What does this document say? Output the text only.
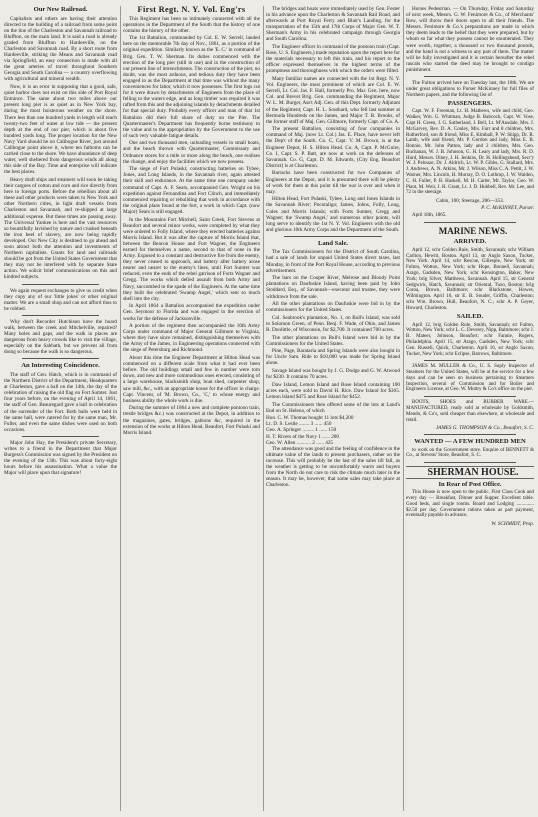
Our New Railroad.

Capitalists and others are having their attention directed to the building of a railroad from some point on the line of the Charleston and Savannah railroad to Bluffton, on the main land. It is said a road is already graded from Bluffton to Hardeeville, on the Charleston and Savannah road. By a short route from Hardeeville, striking the Means and Savannah road via Springfield, an easy connection is made with all the great arteries of travel throughout Southern Georgia and South Carolina — a country overflowing with agricultural and mineral wealth.

Now, it is an error in supposing that a good, safe, quiet harbor does not exist on this side of Port Royal Entrance. The same about two miles above our present long pier is as quiet as in New York bay, during the most boisterous weather on the shore. There less than one hundred yards in length will reach twenty-two feet of water at low tide — the present depth at the end of our pier, which is about five hundred yards long. The proper location for the New Navy Yard should be on Calibogue River, just around Calibogue point above it, where ten fathoms can be carried close to the shore. We have abundance of deep water, well sheltered from dangerous winds all along this side of the Bay. Time and enterprise will indicate the best places.

Heavy draft ships and steamers will soon be taking their cargoes of cotton and corn and rice directly from here to foreign ports. Before the rebellion about all these and other products were taken to New York and other Northern cities, in light draft vessels from Charleston and Savannah, and re-shipped at large additional expense. But these times are passing away. The Universal Yankee is here and the vast resources so bountifully lavished by nature and crushed beneath the iron heel of slavery, are now being rapidly developed. Our New City is destined to go ahead and soon attract both the attention and investments of Northern capitalists. Grants for land and railroads should be got from the United States Government that they may not be interfered with by separate State action. We solicit brief communications on this and kindred subjects.

We again request exchanges to give us credit when they copy any of our 'little jokes' or other original matter. We are a small shop and can not afford thus to be robbed.

Why don't Recorder Hutchison have the board walk, between the creek and Mitchelville, repaired? Many holes and gaps, and the walk in places are dangerous from heavy crowds like to visit the village, especially on the Sabbath, but we prevent all from doing so because the walk is so dangerous.

An Interesting Coincidence.

The staff of Gen. Hatch, which is in command of the Northern District of the Department, Headquarters at Charleston, gave a ball on the 14th, the day of the celebration of raising the old flag on Fort Sumter. Just four years before, on the evening of April 14, 1861, the staff of Gen. Beauregard gave a ball in celebration of the surrender of the Fort. Both balls were held in the same hall, were catered for by the same man, Mr. Fuller, and even the same dishes were used on both occasions.

Major John Hay, the President's private Secretary, writes to a friend in the Department that Major Burgess's Commission was signed by the President on the evening of the 13th. This was about forty-eight hours before his assassination. What a value the Major will place upon that signature!

First Regt. N. Y. Vol. Eng'rs

This Regiment has been so intimately connected with all the operations in the Department of the South that the history of one contains the history of the other.

The 1st Battalion, commanded by Col. E. W. Serrell, landed here on the memorable 7th day of Nov., 1861, as a portion of the original expedition. Similarly known as the 'E. C.' in command of Brig. Gen. T. W. Sherman. Its duties commenced with the erection of the long pier (still in use) and in the construction of our present line of intrenchments. The construction of the pier, no doubt, was the most arduous, and tedious duty they have been engaged in as the Department at that time was without the many conveniences for labor, which it now possesses. The first logs cut for it were drawn by detachments of Engineers from the place of felling to the waters edge, and as long timber was required it was rafted from this and the adjoining islands by detachments detailed for that special duty. Probably every officer and man of that 1st Battalion did their full share of duty on the Pier. The Quartermaster's Department has frequently borne testimony to the value and to the appropriation by the Government to the use of such very valuable fatigue details.

One and two thousand men, unloading vessels in small boats, and the beach thrown with Quartermaster, Commissary and Ordnance stores for a mile or more along the beach, one realises the change, and enjoy the facilities which we now possess.

The siege of Fort Pulaski; constructing batteries on Tybee, Jones, and Long Islands, in the Savannah river, again attested their skill and endurance. At the same time one company under command of Capt. A. F. Sears, accompanied Gen. Wright on his expedition against Fernandina and Fort Clinch, and immediately commenced repairing or rebuilding that work in accordance with the original plans found at the fort, a work in which Capt. (now Major) Sears is still engaged.

In the Mountains Fort Mitchell, Saint Creek, Fort Stevens at Beaufort and several minor works, were completed by what they were ordered to Folly Island, where they erected batteries against Morris Island. But it was after the capture of Morris Island that, between the Beacon House and Fort Wagner, the Engineers earned for themselves a name, second to that of none in the Army. Exposed to a constant and destructive fire from the enemy, they never ceased to approach, and battery after battery arose nearer and nearer to the enemy's lines, until Fort Sumter was reduced, even the ends of the rebel garrison of Forts Wagner and Gregg. The works which defied assault from both Army and Navy, succumbed to the spade of the Engineers. At the same time they built the celebrated 'Swamp Angel,' which sent so much shell into the city.

In April 1864 a Battalion accompanied the expedition under Gen. Seymour to Florida and was engaged in the erection of works for the defense of Jacksonville.

A portion of the regiment then accompanied the 10th Army Corps under command of Major General Gillmore to Virginia, where they have since remained, distinguishing themselves with the Army of the James, in Engineering operations connected with the siege of Petersburg and Richmond.

About this time the Engineer Department at Hilton Head was commenced on a different scale from what it had ever been before. The old buildings small and few in number were torn down, and new and more commodious ones erected, consisting of a large warehouse, blacksmith shop, boat shed, carpenter shop, saw mill, &c., with an appropriate house for the officer in charge. Capt. Vincent, of 'M. Brown, Co., 'C,' to whose energy and business ability the whole work is due.

During the summer of 1864 a new and complete pontoon train, trestle bridges &c.) was constructed at the Depot, in addition to the magazines, gates, bridges, gabions &c, required in the extension of the works at Hilton Head, Beaufort, Fort Pulaski and Morris Island.

The bridges and boats were immediately used by Gen. Foster in his advance upon the Charleston & Savannah Rail Road, and afterwards at Port Royal Ferry and Blair's Landing, for the transportation of the 15th and 17th Corps of Major Gen. W. T. Sherman's Army in his celebrated campaign through Georgia and South Carolina.

The Engineer officer in command of the pontoon train (Capt. Rose, U. S. Engineers,) made reputation upon the report here for the materials necessary to left this train, and his report to the officer expressed themselves in the highest terms of the promptness and thoroughness with which the orders were filled.

Many familiar names are connected with the 1st Regt. N. Y. Vol. Engineers, the most prominent of which are Col. E. W. Serrell, Lt. Col. Jas. F. Hall, formerly Pro. Mar. Gen. here, now Col. and Brevet Brig. Gen. commanding the Regiment, Major W. L. M. Burger, Ass't Adj. Gen. of this Dept. formerly Adjutant of the Regiment; Capt. H. L. Southard, who fell last summer at Bermuda Hundreds on the James, and Major T. B. Brooks, of the former staff of Maj. Gen. Gillmore, formerly Capt. of Co. A.

The present Battalion, consisting of four companies in command of Maj. (now Lt. Col.) Jas. E. Place, have never left the Dep't of the South. Co. C, Capt. V. M. Brown, is at the Engineer Depot, H. S. Hilton Head. Co. A, Capt. P. McGuire, Co. I, Capt. S. P. Batt, are now at work on the defenses of Savannah. Co. G, Capt. D. M. Edwards, (City Eng. Beaufort District) is at Charleston.

Barracks have been constructed for two Companies of Engineers at the Depot, and it is presumed there will be plenty of work for them at this point till the war is over and when it may.

Hilton Head, Fort Pulaski, Tybee, Long and Jones Islands in the Savannah River; Pocotaligo; James, Johns, Folly, Long, Coles and Morris Islands; with Forts Sumter, Gregg and Wagner; the 'Swamp Angel,' and numerous other points, will long serve to identify the 1st N. Y. Vol. Engineers with the old and glorious 10th Army Corps and the Department of the South.

Land Sale.

The Tax Commissioners for the District of South Carolina, had a sale of lands for unpaid United States direct taxes, last Monday, in front of the Port Royal House, according to previous advertisement.

The bars on the Cooper River, Melrose and Bloody Point plantations on Daufuskie Island, having been paid by John Stoddard, Esq., of Savannah—executor and trustee, they were withdrawn from the sale.

All the other plantations on Daufuskie were bid in by the commissioners for the United States.

Col. Seabrook's plantation, No. 1, on Bull's Island, was sold to Solomon Green, of Penn. Benj. F. Wade, of Ohio, and James R. Doolittle, of Wisconsin, for $2,700. It contained 700 acres.

The other plantations on Bull's Island were bid in by the Commissioners for the United States.

Pine, Page, Barataria and Spring Islands were also bought in for Uncle Sam. Ride to $10,000 was made for Spring Island alone.

Savage Island was bought by J. G. Dodge and G. W. Atwood for $230. It contains 70 acres.

Daw Island, Lemon Island and Rose Island containing 100 acres each, were sold to David H. Rice. Daw Island for $365. Lemon Island $475 and Rose Island for $452.

The Commissioners then offered some of the lots at Land's End on St. Helena, of which

Hon. C. W. Thomas bought 11 lots $4,200
Lt. D. S. Leslie ........ 3 ...... 450
Geo. A. Springer ......... 1 ...... 150
H. T. Rivers of the Navy 1 ...... 200
Geo. W. Allen ........... 2 ...... 425

The attendance was good and the feeling of confidence in the ultimate value of the lands to present purchasers, rather on the increase. This will probably be the last of the sales till fall, as the weather is getting to be uncomfortably warm and buyers from the North do not care to risk the climate much later in the season. It may be, however, that some sales may take place at Charleston.

Horses Pedestrian. — On Thursday, Friday and Saturday of next week, Messrs. G. W. Fenimore & Co., of Merchants' Row, will throw their doors open to all their friends. The Messrs. Fenimore & Co.'s preparations are made in which they deem leads to the belief that they were prepared, but by whom so far what they possess cannot be enumerated. They were worth, together, a thousand or two thousand pounds, and the hand is not a witness to any part of them. The matter will be fully investigated and it is certain hereafter the rebel rascals who started the deed may be brought to condign punishment.

The Fulton arrived here on Tuesday last, the 18th. We are under great obligations to Purser McKinney for full files of Northern papers, and the following list of

PASSENGERS.

Capt. W. F. Freeman, Lt. H. Mathews, wife and child, Geo. Walker, Wm. G. Whitman, Judge B. Babcock, Capt. W. Vose, Capt H. Green, J. G. Sutherland, J. Bell, Lt. M'Ansdale, Mrs. J. McGarvey, Rev. D. A. Conley, Mrs. Farr and 8 children, Mrs. Rutherford, son & friend, Miss E. Kimball, P. W. Shipp, Dr. R. Lamb, wife and friend, Mr. P. Gordon and lady, Miss E. B. Bonnie, Mr. John Patton, lady and 2 children, Mrs. Geo. Buchanan, W. J. B. Johnson, G. H. Leary and lady, Mrs. R. D. Hurd, Messrs. Olney, J. H. Jenkins, Dr. H. Hollingshead, Secr'y W. J. Pelouze, Dr. J. Aldrich, Lt. W. P. Gibbs, G. Stallard, Mrs. J. Andrews, A. N. Atkins, Mr. J. Wilson, Miss C. A. Pettit, J. W. Warner, Mrs. Lincoln, H. Murray, D. O. Lothrop, J. W. Walden, C. H. Fuller, P. B. Haskell, M. H. Carter, Mr. Taylor, Geo. W. Plant, M. Weir, J. H. Grant, Lt. J. D. Hubbell, Rev. Mr. Lee, and 72 in the steerage.

Cabin, 100; Steerage, 286—353.

P. C. McKINNEY, Purser.

April 18th, 1865.

MARINE NEWS.

ARRIVED.

April 12, schr Golden Rule, Smith, Savannah; schr William Carlton, Hewitt, Boston. April 13, str Anglo Saxon, Tucker, New York. April 14, schr Rescue, Gillespie, New York; str Fulton, Wotton, New York; schr Hope, Bonnell, Savannah; Arago, Gadsden, New York; schr Kensington, Baker, New York; brig Silver, Matthews, Savannah. April 15, str General Sedgwick, Hatch, Savannah; str Oriental, Tuzo, Boston; brig Coroa, Brown, Baltimore; schr Blackstone, Howes, Wilmington. April 16, str E. B. Souder, Griffin, Charleston; schr Wm. Brown, Hull, Beaufort, N. C.; schr A. P. Geyer, Howard, Charleston.

SAILED.

April 12, brig Golden Rule, Smith, Savannah; str Fulton, Wotton, New York; schr L. C. Deverey, Nipp, Baltimore; schr J. B. Mateer, Johnson, Beaufort; schr Fannie, Rogers, Philadelphia. April 15, str Arago, Gadsden, New York; schr Gen. Russell, Quick, Charleston. April 16, str Anglo Saxon, Tucker, New York; schr Eclipse, Barrows, Baltimore.

JAMES M. MULLER & Co., U. S. Suply Inspector of Steamers for the United States, will be at the service for a few days and can be seen on business pertaining to Steamers Inspection, several of Commission and for Boiler and Engineers License, at Geo. W. Muttry & Co's office on the pier.

BOOTS, SHOES and RUBBER WARE.— MANUFACTURED, ready sold at wholesale by Goldsmith, Mendo, & Co's, sold cheaper than elsewhere, at wholesale and retail.

JAMES G. THOMPSON & Co., Beaufort, S. C.

WANTED — A FEW HUNDRED MEN

to work on the Government store. Enquire of BENNETT & Co., at Stevens' Store, Beaufort, S. C.

SHERMAN HOUSE.

In Rear of Post Office.

This House is now open to the public. First Class Cook and every day — Breakfast, Dinner and Supper. Excellent table. Good beds, and single rooms. Board and Lodging .............. $2.50 per day. Government rations taken as part payment, eventually payable in advance.

W. SCHMIDT, Prop.
